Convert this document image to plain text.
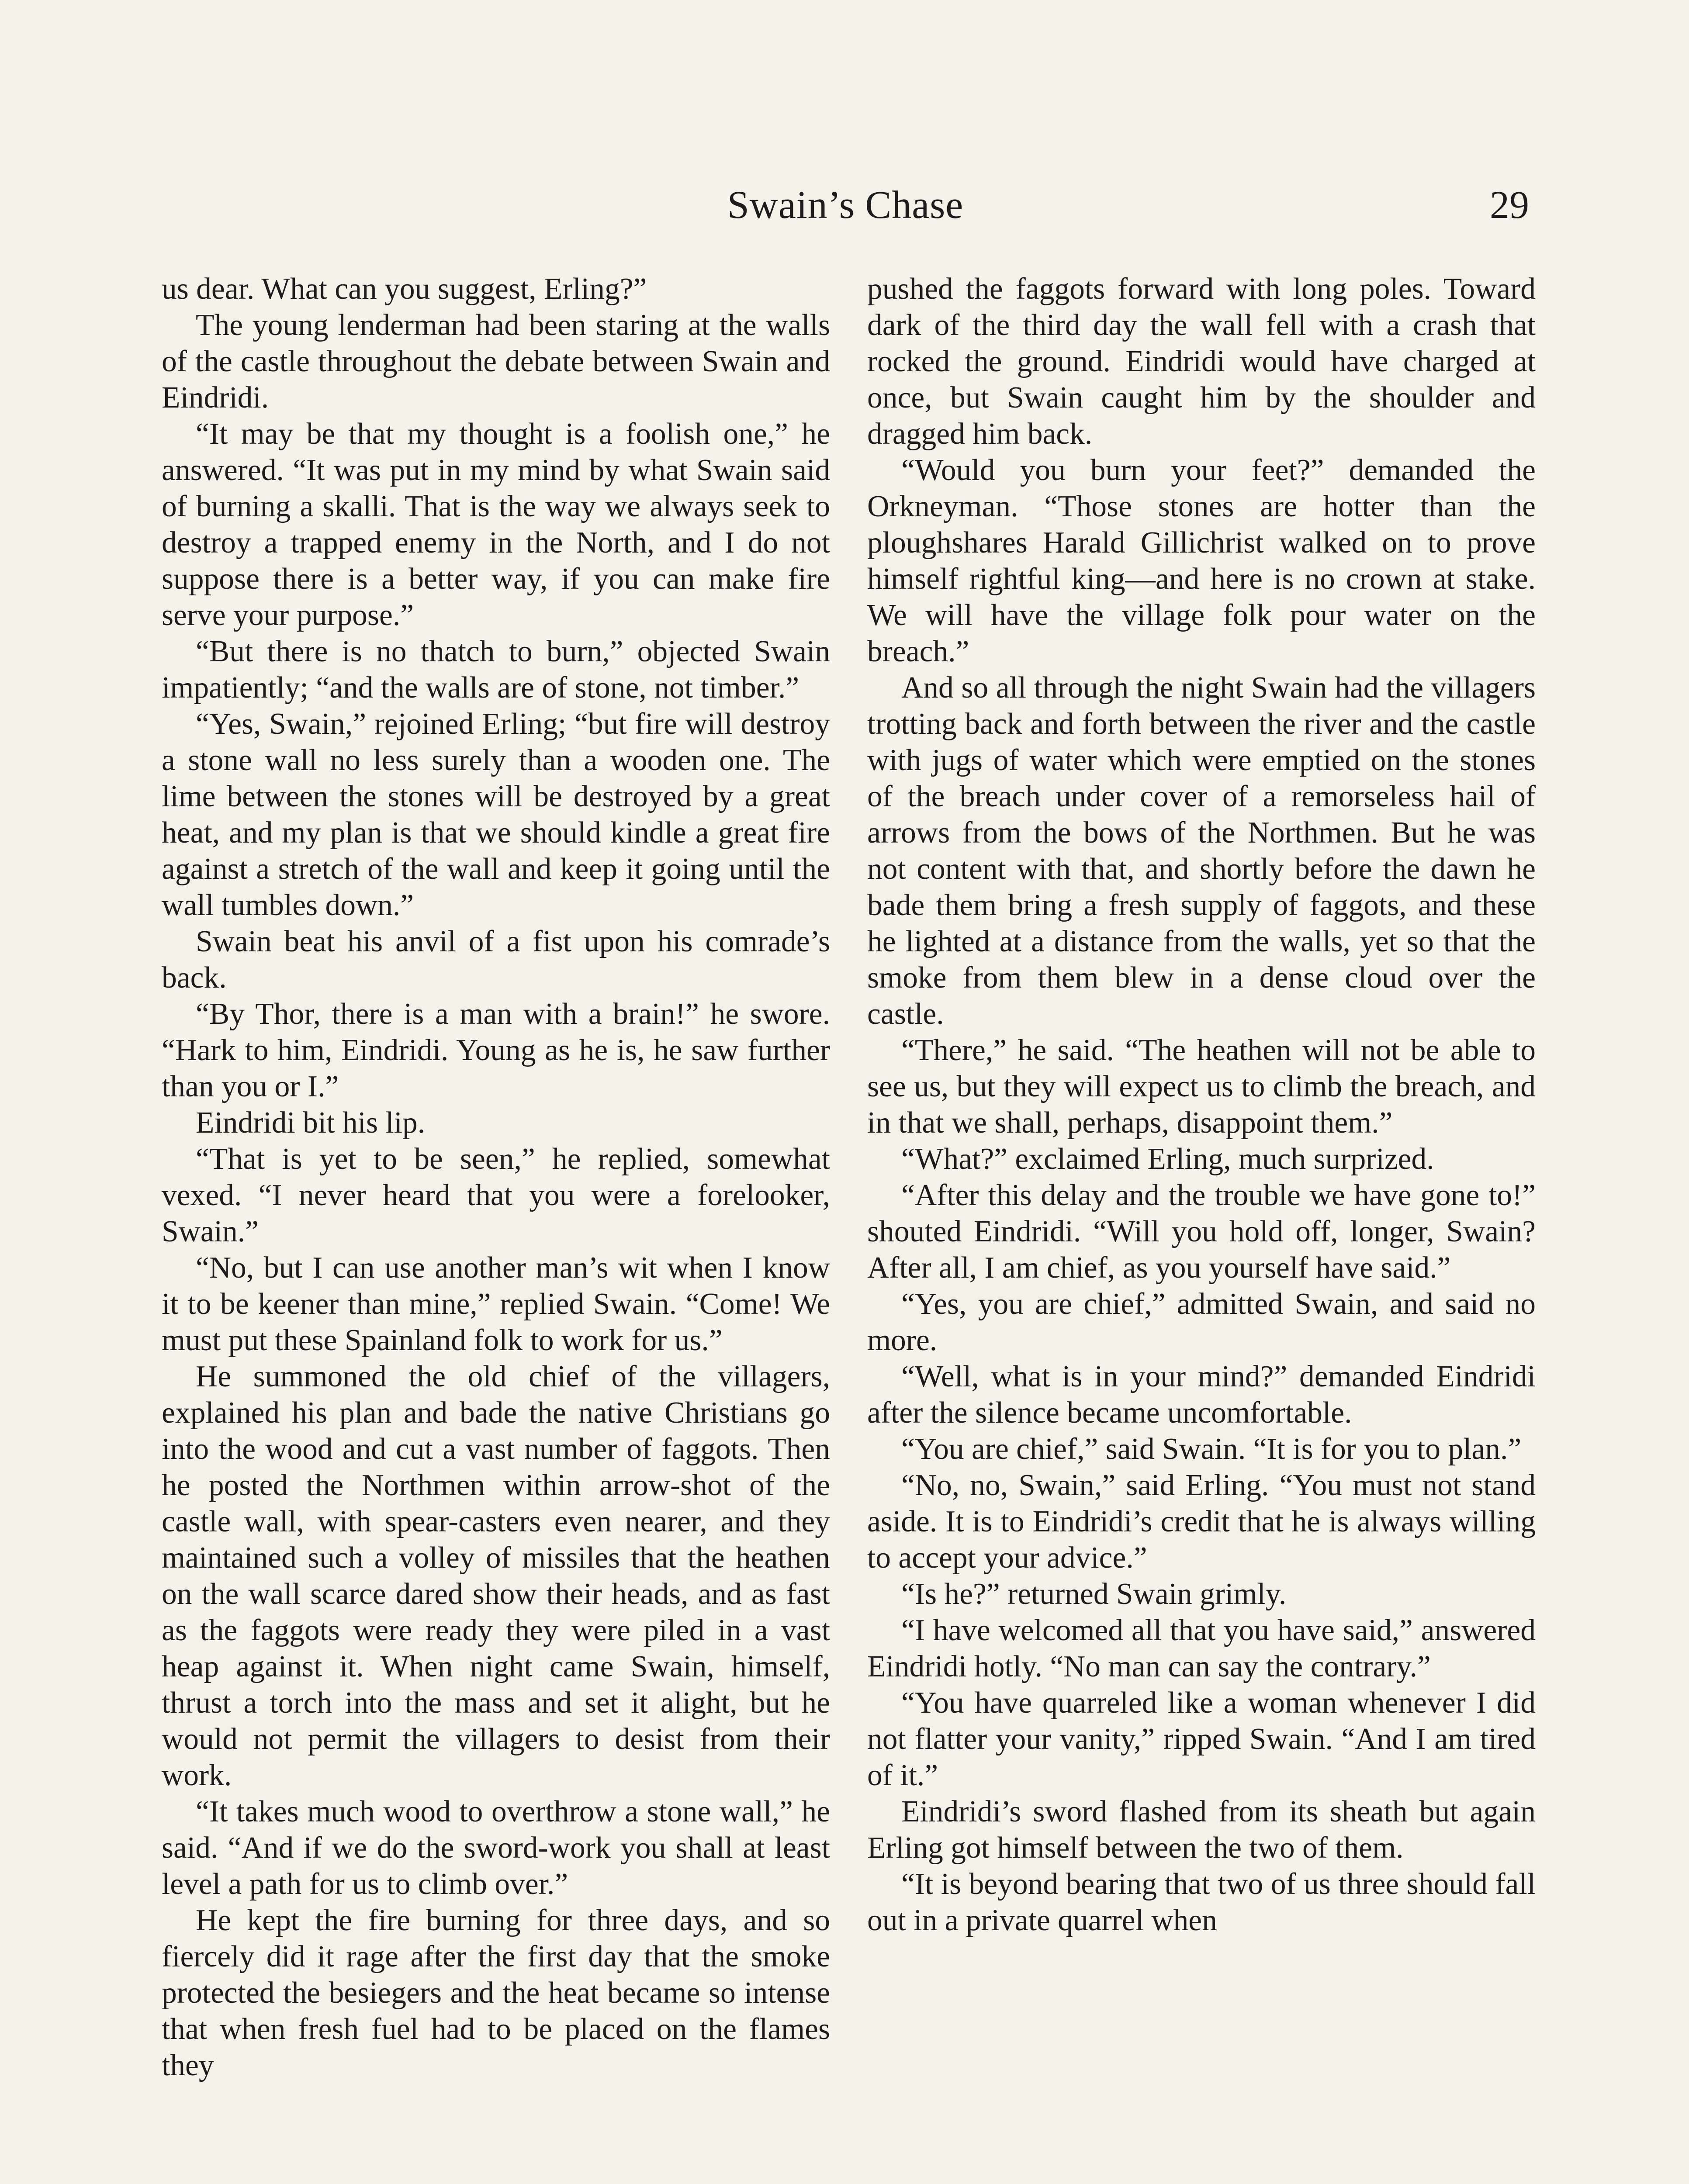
Swain’s Chase	29

us dear. What can you suggest, Erling?”

The young lenderman had been staring at the walls of the castle throughout the debate between Swain and Eindridi.

“It may be that my thought is a foolish one,” he answered. “It was put in my mind by what Swain said of burning a skalli. That is the way we always seek to destroy a trapped enemy in the North, and I do not suppose there is a better way, if you can make fire serve your purpose.”

“But there is no thatch to burn,” objected Swain impatiently; “and the walls are of stone, not timber.”

“Yes, Swain,” rejoined Erling; “but fire will destroy a stone wall no less surely than a wooden one. The lime between the stones will be destroyed by a great heat, and my plan is that we should kindle a great fire against a stretch of the wall and keep it going until the wall tumbles down.”

Swain beat his anvil of a fist upon his comrade’s back.

“By Thor, there is a man with a brain!” he swore. “Hark to him, Eindridi. Young as he is, he saw further than you or I.”

Eindridi bit his lip.

“That is yet to be seen,” he replied, somewhat vexed. “I never heard that you were a forelooker, Swain.”

“No, but I can use another man’s wit when I know it to be keener than mine,” replied Swain. “Come! We must put these Spainland folk to work for us.”

He summoned the old chief of the villagers, explained his plan and bade the native Christians go into the wood and cut a vast number of faggots. Then he posted the Northmen within arrow-shot of the castle wall, with spear-casters even nearer, and they maintained such a volley of missiles that the heathen on the wall scarce dared show their heads, and as fast as the faggots were ready they were piled in a vast heap against it. When night came Swain, himself, thrust a torch into the mass and set it alight, but he would not permit the villagers to desist from their work.

“It takes much wood to overthrow a stone wall,” he said. “And if we do the sword-work you shall at least level a path for us to climb over.”

He kept the fire burning for three days, and so fiercely did it rage after the first day that the smoke protected the besiegers and the heat became so intense that when fresh fuel had to be placed on the flames they

pushed the faggots forward with long poles. Toward dark of the third day the wall fell with a crash that rocked the ground. Eindridi would have charged at once, but Swain caught him by the shoulder and dragged him back.

“Would you burn your feet?” demanded the Orkneyman. “Those stones are hotter than the ploughshares Harald Gillichrist walked on to prove himself rightful king—and here is no crown at stake. We will have the village folk pour water on the breach.”

And so all through the night Swain had the villagers trotting back and forth between the river and the castle with jugs of water which were emptied on the stones of the breach under cover of a remorseless hail of arrows from the bows of the Northmen. But he was not content with that, and shortly before the dawn he bade them bring a fresh supply of faggots, and these he lighted at a distance from the walls, yet so that the smoke from them blew in a dense cloud over the castle.

“There,” he said. “The heathen will not be able to see us, but they will expect us to climb the breach, and in that we shall, perhaps, disappoint them.”

“What?” exclaimed Erling, much surprized.

“After this delay and the trouble we have gone to!” shouted Eindridi. “Will you hold off, longer, Swain? After all, I am chief, as you yourself have said.”

“Yes, you are chief,” admitted Swain, and said no more.

“Well, what is in your mind?” demanded Eindridi after the silence became uncomfortable.

“You are chief,” said Swain. “It is for you to plan.”

“No, no, Swain,” said Erling. “You must not stand aside. It is to Eindridi’s credit that he is always willing to accept your advice.”

“Is he?” returned Swain grimly.

“I have welcomed all that you have said,” answered Eindridi hotly. “No man can say the contrary.”

“You have quarreled like a woman whenever I did not flatter your vanity,” ripped Swain. “And I am tired of it.”

Eindridi’s sword flashed from its sheath but again Erling got himself between the two of them.

“It is beyond bearing that two of us three should fall out in a private quarrel when
